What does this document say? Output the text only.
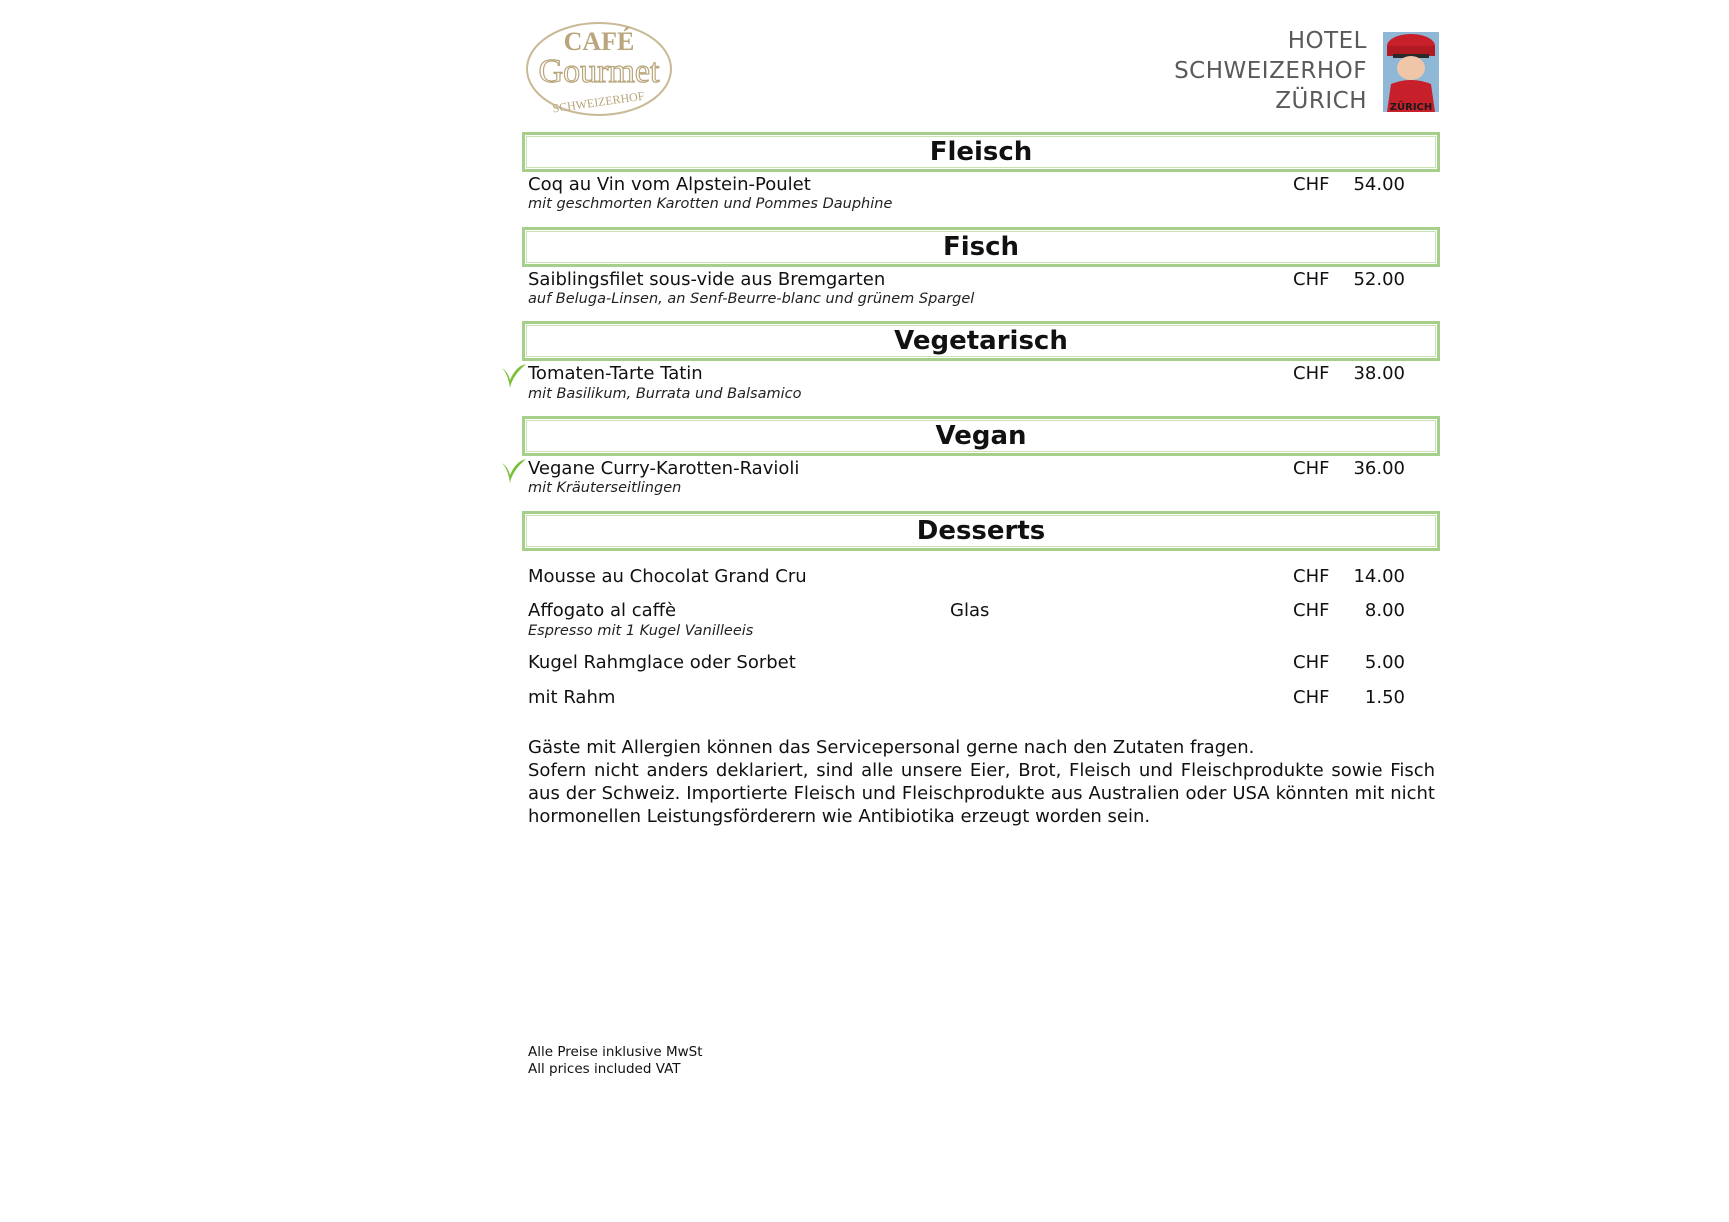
CAFÉ
Gourmet
SCHWEIZERHOF
HOTEL
SCHWEIZERHOF
ZÜRICH ZÜRICH
Fleisch
Coq au Vin vom Alpstein-Poulet
mit geschmorten Karotten und Pommes Dauphine
CHF 54.00
Fisch
Saiblingsfilet sous-vide aus Bremgarten
auf Beluga-Linsen, an Senf-Beurre-blanc und grünem Spargel
CHF 52.00
Vegetarisch
Tomaten-Tarte Tatin
mit Basilikum, Burrata und Balsamico
CHF 38.00
Vegan
Vegane Curry-Karotten-Ravioli
mit Kräuterseitlingen
CHF 36.00
Desserts
Mousse au Chocolat Grand Cru	CHF 14.00
Affogato al caffè
Espresso mit 1 Kugel Vanilleeis
Glas	CHF 8.00
Kugel Rahmglace oder Sorbet	CHF 5.00
mit Rahm	CHF 1.50

Gäste mit Allergien können das Servicepersonal gerne nach den Zutaten fragen.

Sofern nicht anders deklariert, sind alle unsere Eier, Brot, Fleisch und Fleischprodukte sowie Fisch aus der Schweiz. Importierte Fleisch und Fleischprodukte aus Australien oder USA könnten mit nicht hormonellen Leistungsförderern wie Antibiotika erzeugt worden sein.

Alle Preise inklusive MwSt
All prices included VAT
